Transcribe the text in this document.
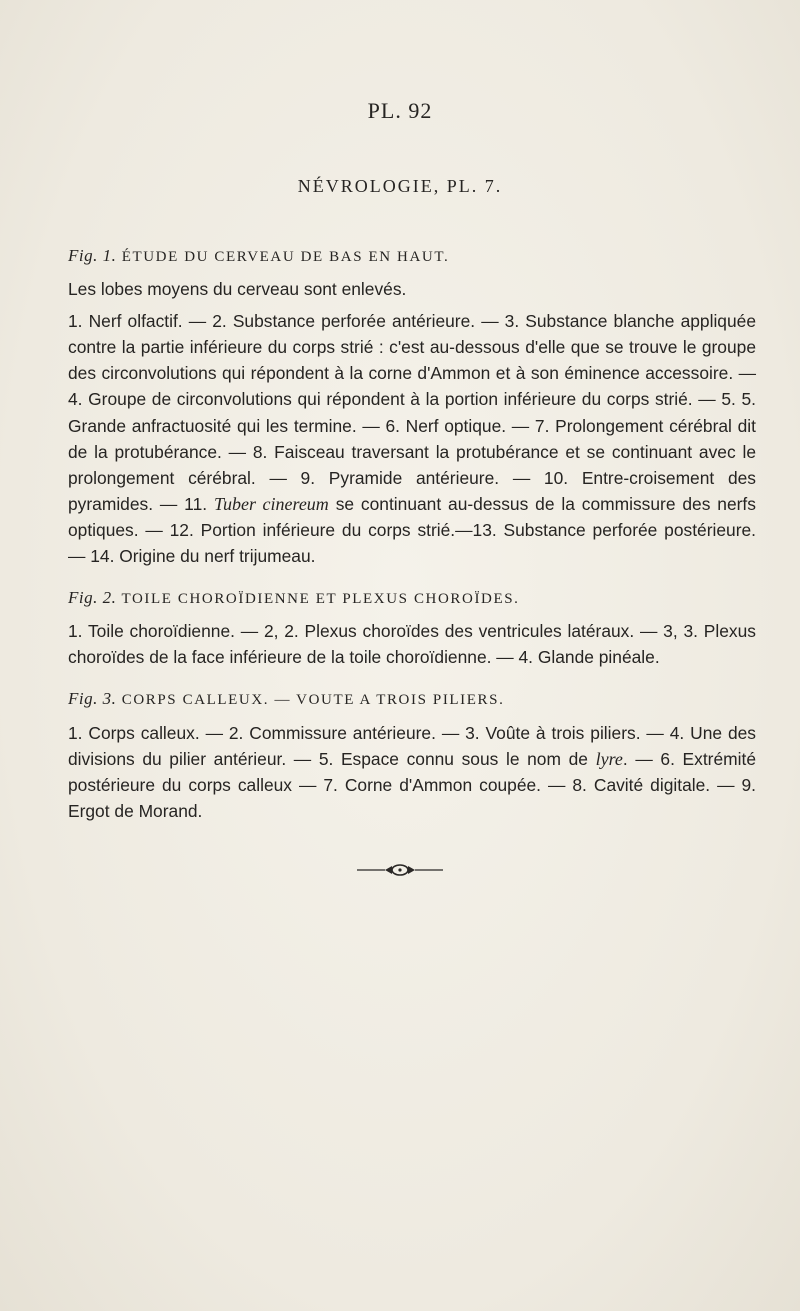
PL. 92
NÉVROLOGIE, PL. 7.

Fig. 1. ÉTUDE DU CERVEAU DE BAS EN HAUT.

Les lobes moyens du cerveau sont enlevés.

1. Nerf olfactif. — 2. Substance perforée antérieure. — 3. Substance blanche appliquée contre la partie inférieure du corps strié : c'est au-dessous d'elle que se trouve le groupe des circonvolutions qui répondent à la corne d'Ammon et à son éminence accessoire. — 4. Groupe de circonvolutions qui répondent à la portion inférieure du corps strié. — 5. 5. Grande anfractuosité qui les termine. — 6. Nerf optique. — 7. Prolongement cérébral dit de la protubérance. — 8. Faisceau traversant la protubérance et se continuant avec le prolongement cérébral. — 9. Pyramide antérieure. — 10. Entre-croisement des pyramides. — 11. Tuber cinereum se continuant au-dessus de la commissure des nerfs optiques. — 12. Portion inférieure du corps strié.—13. Substance perforée postérieure. — 14. Origine du nerf trijumeau.

Fig. 2. TOILE CHOROÏDIENNE ET PLEXUS CHOROÏDES.

1. Toile choroïdienne. — 2, 2. Plexus choroïdes des ventricules latéraux. — 3, 3. Plexus choroïdes de la face inférieure de la toile choroïdienne. — 4. Glande pinéale.

Fig. 3. CORPS CALLEUX. — VOUTE A TROIS PILIERS.

1. Corps calleux. — 2. Commissure antérieure. — 3. Voûte à trois piliers. — 4. Une des divisions du pilier antérieur. — 5. Espace connu sous le nom de lyre. — 6. Extrémité postérieure du corps calleux — 7. Corne d'Ammon coupée. — 8. Cavité digitale. — 9. Ergot de Morand.
